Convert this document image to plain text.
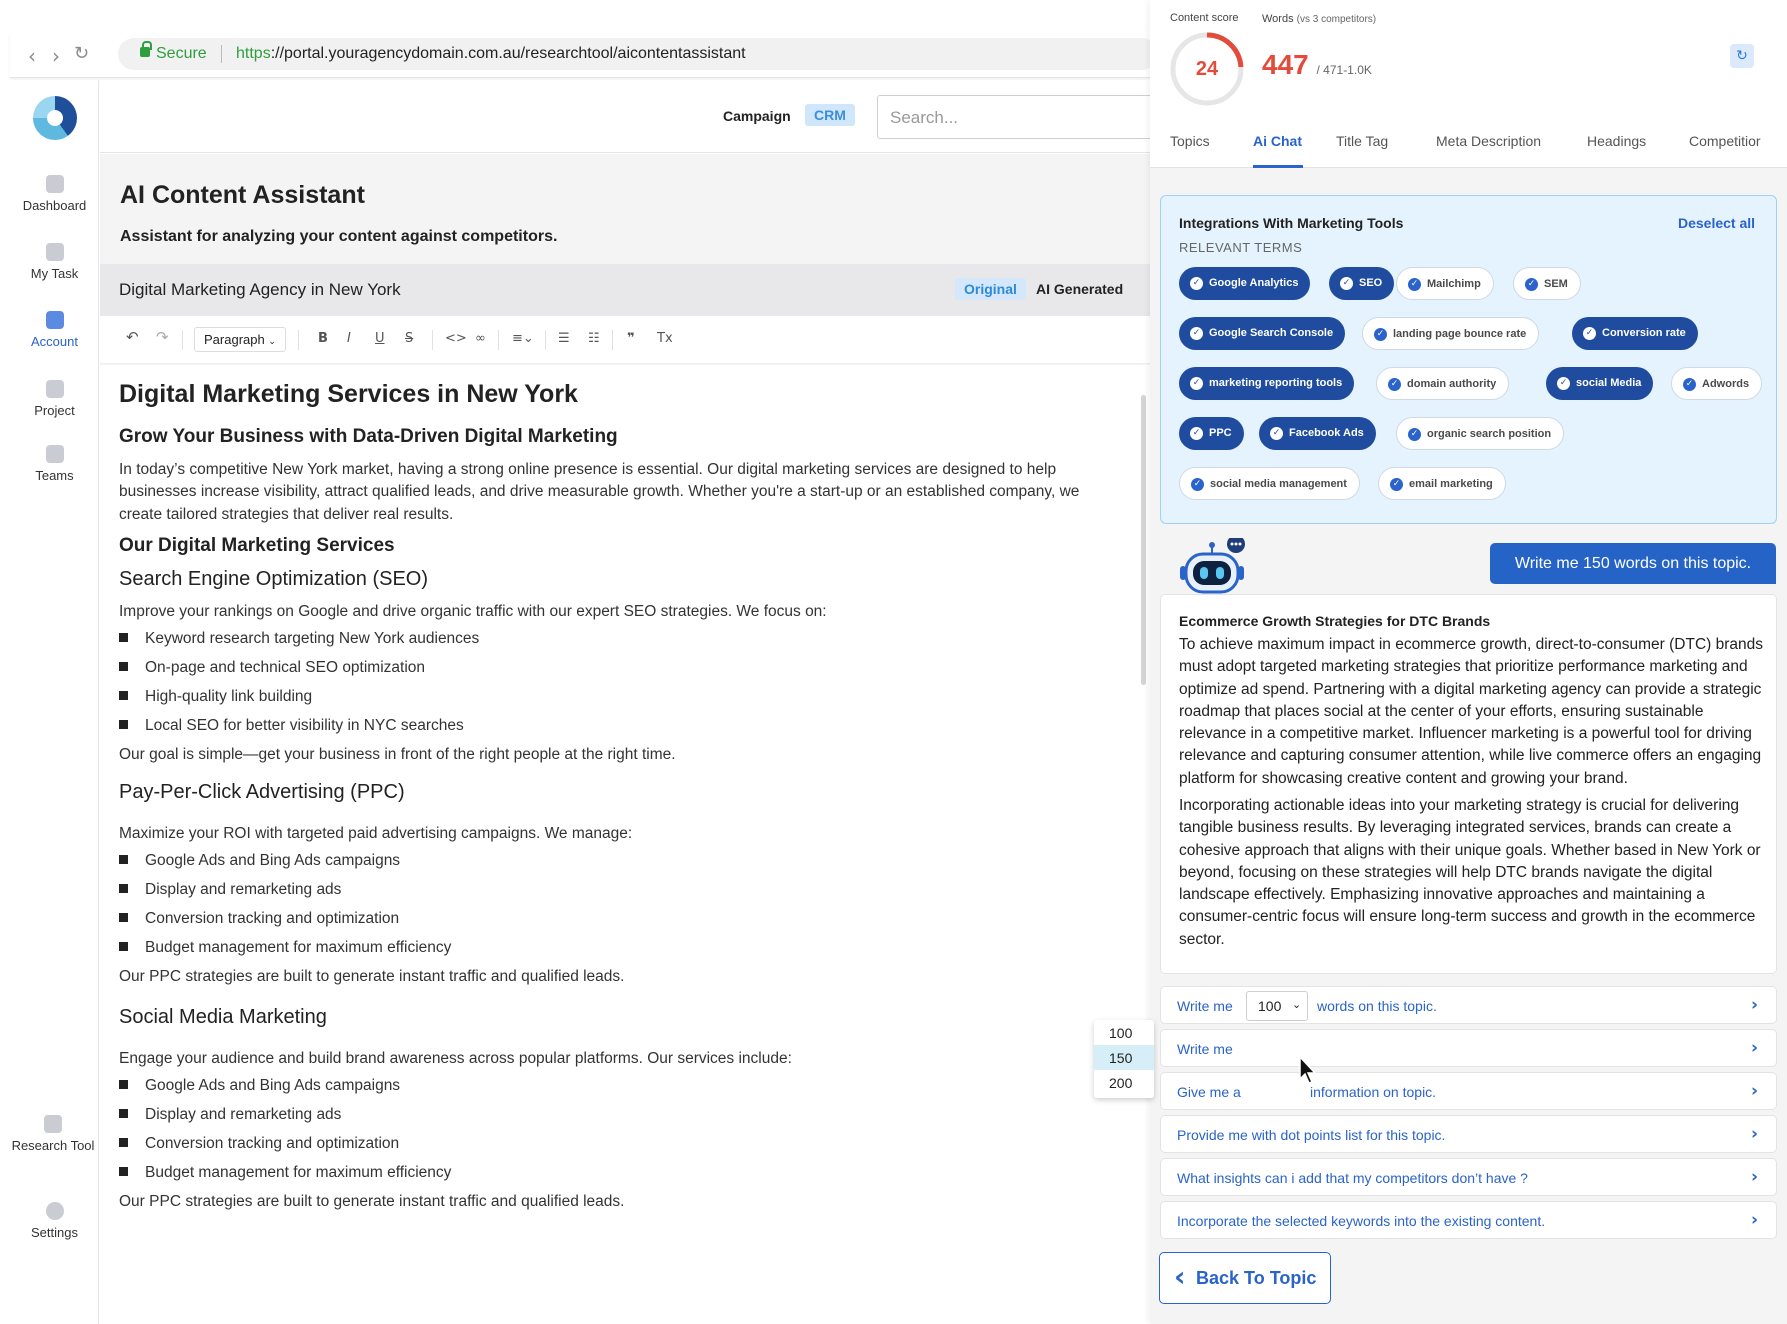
‹ › ↻	Secure https://portal.youragencydomain.com.au/researchtool/aicontentassistant
Dashboard
My Task
Account
Project
Teams
Research Tool
Settings
Campaign	CRM	Search...
AI Content Assistant
Assistant for analyzing your content against competitors.
Digital Marketing Agency in New York	Original	AI Generated
↶ ↷	Paragraph ⌄	B I U S <> ∞ ≡⌄ ☰ ☷ ❞ Tx
Digital Marketing Services in New York
Grow Your Business with Data-Driven Digital Marketing
In today’s competitive New York market, having a strong online presence is essential. Our digital marketing services are designed to help businesses increase visibility, attract qualified leads, and drive measurable growth. Whether you're a start-up or an established company, we create tailored strategies that deliver real results.
Our Digital Marketing Services
Search Engine Optimization (SEO)
Improve your rankings on Google and drive organic traffic with our expert SEO strategies. We focus on:
Keyword research targeting New York audiences
On-page and technical SEO optimization
High-quality link building
Local SEO for better visibility in NYC searches
Our goal is simple—get your business in front of the right people at the right time.
Pay-Per-Click Advertising (PPC)
Maximize your ROI with targeted paid advertising campaigns. We manage:
Google Ads and Bing Ads campaigns
Display and remarketing ads
Conversion tracking and optimization
Budget management for maximum efficiency
Our PPC strategies are built to generate instant traffic and qualified leads.
Social Media Marketing
Engage your audience and build brand awareness across popular platforms. Our services include:
Google Ads and Bing Ads campaigns
Display and remarketing ads
Conversion tracking and optimization
Budget management for maximum efficiency
Our PPC strategies are built to generate instant traffic and qualified leads.
Content score Words (vs 3 competitors)
24	447 / 471-1.0K
↻
Topics	Ai Chat Title Tag	Meta Description	Headings	Competitior
Integrations With Marketing Tools	Deselect all
RELEVANT TERMS
✓ Google Analytics	✓ SEO	✓ Mailchimp	✓ SEM
✓ Google Search Console	✓ landing page bounce rate	✓ Conversion rate
✓ marketing reporting tools	✓ domain authority	✓ social Media	✓ Adwords
✓ PPC	✓ Facebook Ads	✓ organic search position
✓ social media management	✓ email marketing
Write me 150 words on this topic.
Ecommerce Growth Strategies for DTC Brands
To achieve maximum impact in ecommerce growth, direct-to-consumer (DTC) brands must adopt targeted marketing strategies that prioritize performance marketing and optimize ad spend. Partnering with a digital marketing agency can provide a strategic roadmap that places social at the center of your efforts, ensuring sustainable relevance in a competitive market. Influencer marketing is a powerful tool for driving relevance and capturing consumer attention, while live commerce offers an engaging platform for showcasing creative content and growing your brand.
Incorporating actionable ideas into your marketing strategy is crucial for delivering tangible business results. By leveraging integrated services, brands can create a cohesive approach that aligns with their unique goals. Whether based in New York or beyond, focusing on these strategies will help DTC brands navigate the digital landscape effectively. Emphasizing innovative approaches and maintaining a consumer-centric focus will ensure long-term success and growth in the ecommerce sector.
Write me	100 ⌄ words on this topic.	›
Write me	›
Give me a	information on topic.	›
Provide me with dot points list for this topic.	›
What insights can i add that my competitors don’t have ?	›
Incorporate the selected keywords into the existing content.	›
‹ Back To Topic
100
150
200
